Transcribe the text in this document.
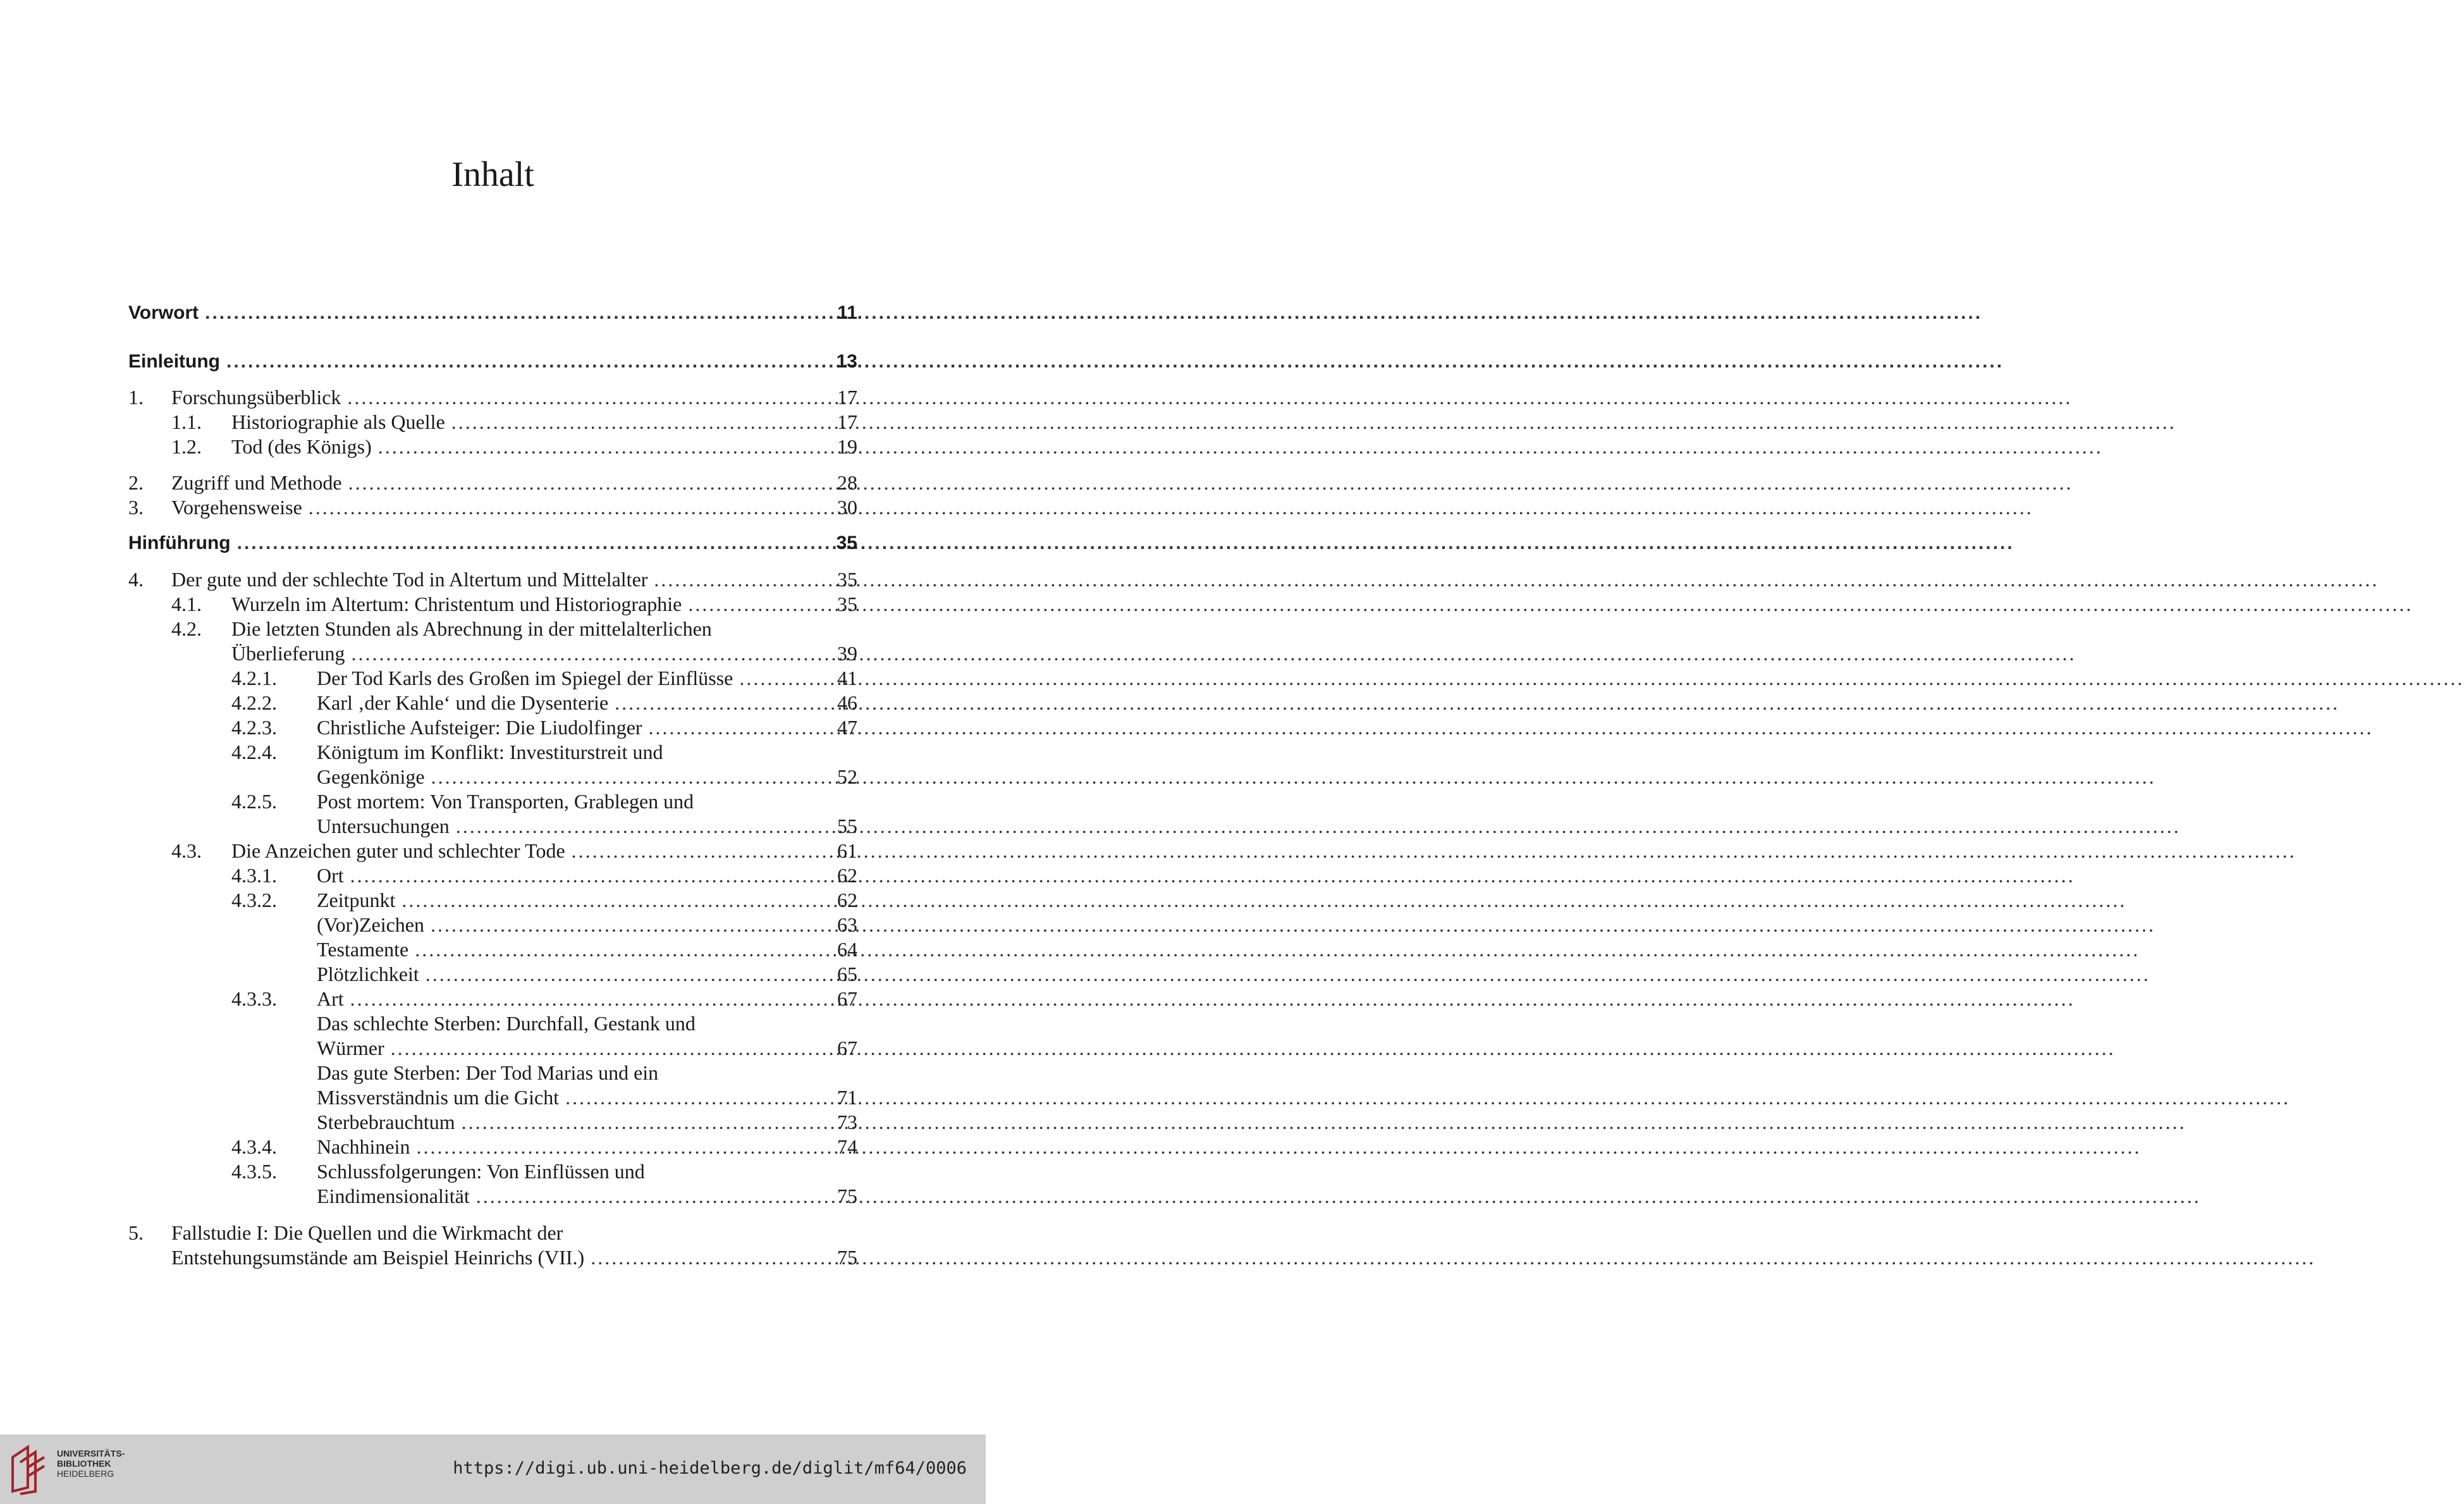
Inhalt
Vorwort .....	11
Einleitung .....	13
1. Forschungsüberblick .....	17
1.1. Historiographie als Quelle .....	17
1.2. Tod (des Königs) .....	19
2. Zugriff und Methode .....	28
3. Vorgehensweise .....	30
Hinführung .....	35
4. Der gute und der schlechte Tod in Altertum und Mittelalter .....	35
4.1. Wurzeln im Altertum: Christentum und Historiographie .....	35
4.2. Die letzten Stunden als Abrechnung in der mittelalterlichen
Überlieferung .....	39
4.2.1. Der Tod Karls des Großen im Spiegel der Einflüsse .....	41
4.2.2. Karl ‚der Kahle‘ und die Dysenterie .....	46
4.2.3. Christliche Aufsteiger: Die Liudolfinger .....	47
4.2.4. Königtum im Konflikt: Investiturstreit und
Gegenkönige .....	52
4.2.5. Post mortem: Von Transporten, Grablegen und
Untersuchungen .....	55
4.3. Die Anzeichen guter und schlechter Tode .....	61
4.3.1. Ort .....	62
4.3.2. Zeitpunkt .....	62
(Vor)Zeichen .....	63
Testamente .....	64
Plötzlichkeit .....	65
4.3.3. Art .....	67
Das schlechte Sterben: Durchfall, Gestank und
Würmer .....	67
Das gute Sterben: Der Tod Marias und ein
Missverständnis um die Gicht .....	71
Sterbebrauchtum .....	73
4.3.4. Nachhinein .....	74
4.3.5. Schlussfolgerungen: Von Einflüssen und
Eindimensionalität .....	75
5. Fallstudie I: Die Quellen und die Wirkmacht der
Entstehungsumstände am Beispiel Heinrichs (VII.) .....	75
UNIVERSITÄTS-
BIBLIOTHEK
HEIDELBERG	https://digi.ub.uni-heidelberg.de/diglit/mf64/0006
